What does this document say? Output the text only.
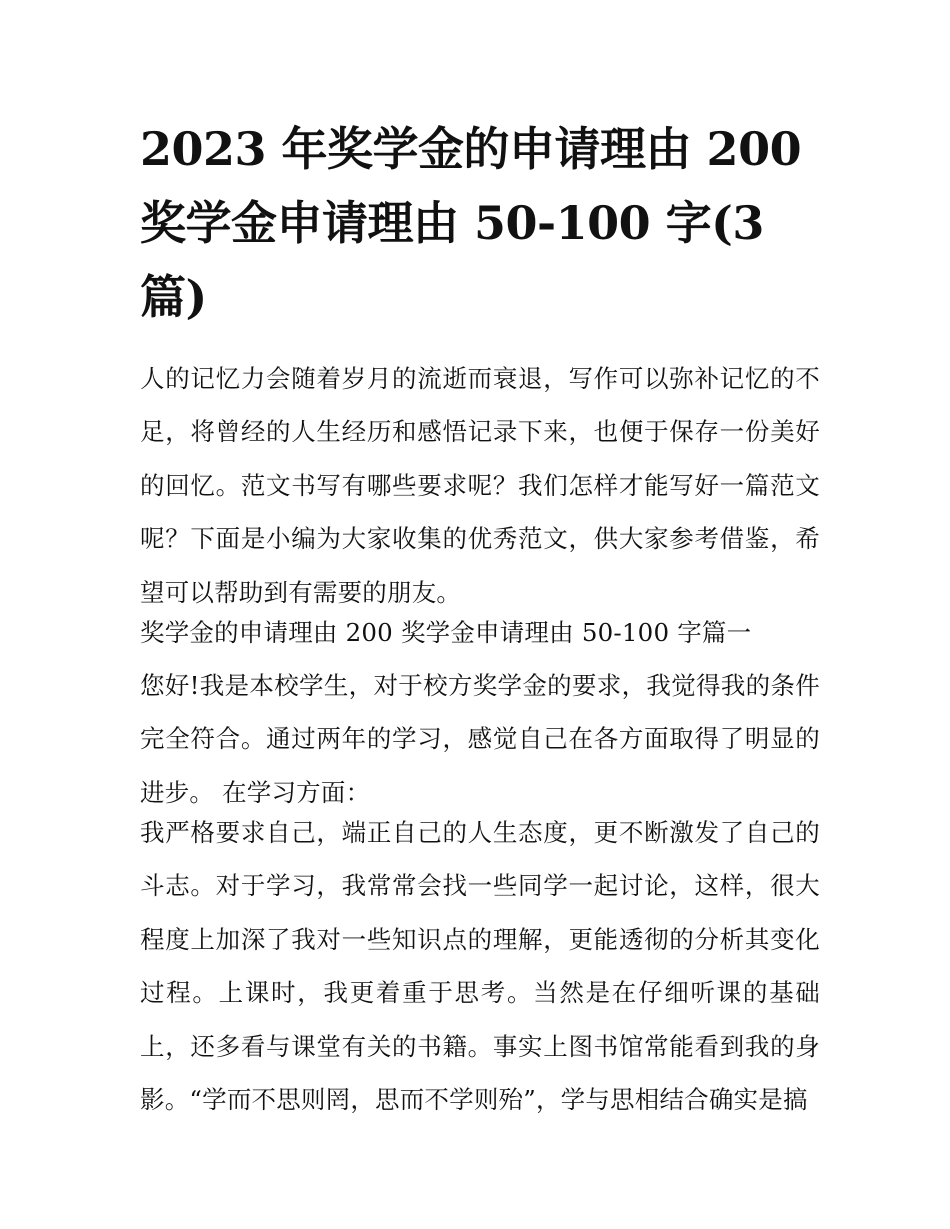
2023 年奖学金的申请理由 200
奖学金申请理由 50-100 字(3
篇)

人的记忆力会随着岁月的流逝而衰退，写作可以弥补记忆的不足，将曾经的人生经历和感悟记录下来，也便于保存一份美好的回忆。范文书写有哪些要求呢？我们怎样才能写好一篇范文呢？下面是小编为大家收集的优秀范文，供大家参考借鉴，希望可以帮助到有需要的朋友。

奖学金的申请理由 200 奖学金申请理由 50-100 字篇一

您好!我是本校学生，对于校方奖学金的要求，我觉得我的条件完全符合。通过两年的学习，感觉自己在各方面取得了明显的进步。 在学习方面：

我严格要求自己，端正自己的人生态度，更不断激发了自己的斗志。对于学习，我常常会找一些同学一起讨论，这样，很大程度上加深了我对一些知识点的理解，更能透彻的分析其变化过程。上课时，我更着重于思考。当然是在仔细听课的基础上，还多看与课堂有关的书籍。事实上图书馆常能看到我的身影。“学而不思则罔，思而不学则殆”，学与思相结合确实是搞
